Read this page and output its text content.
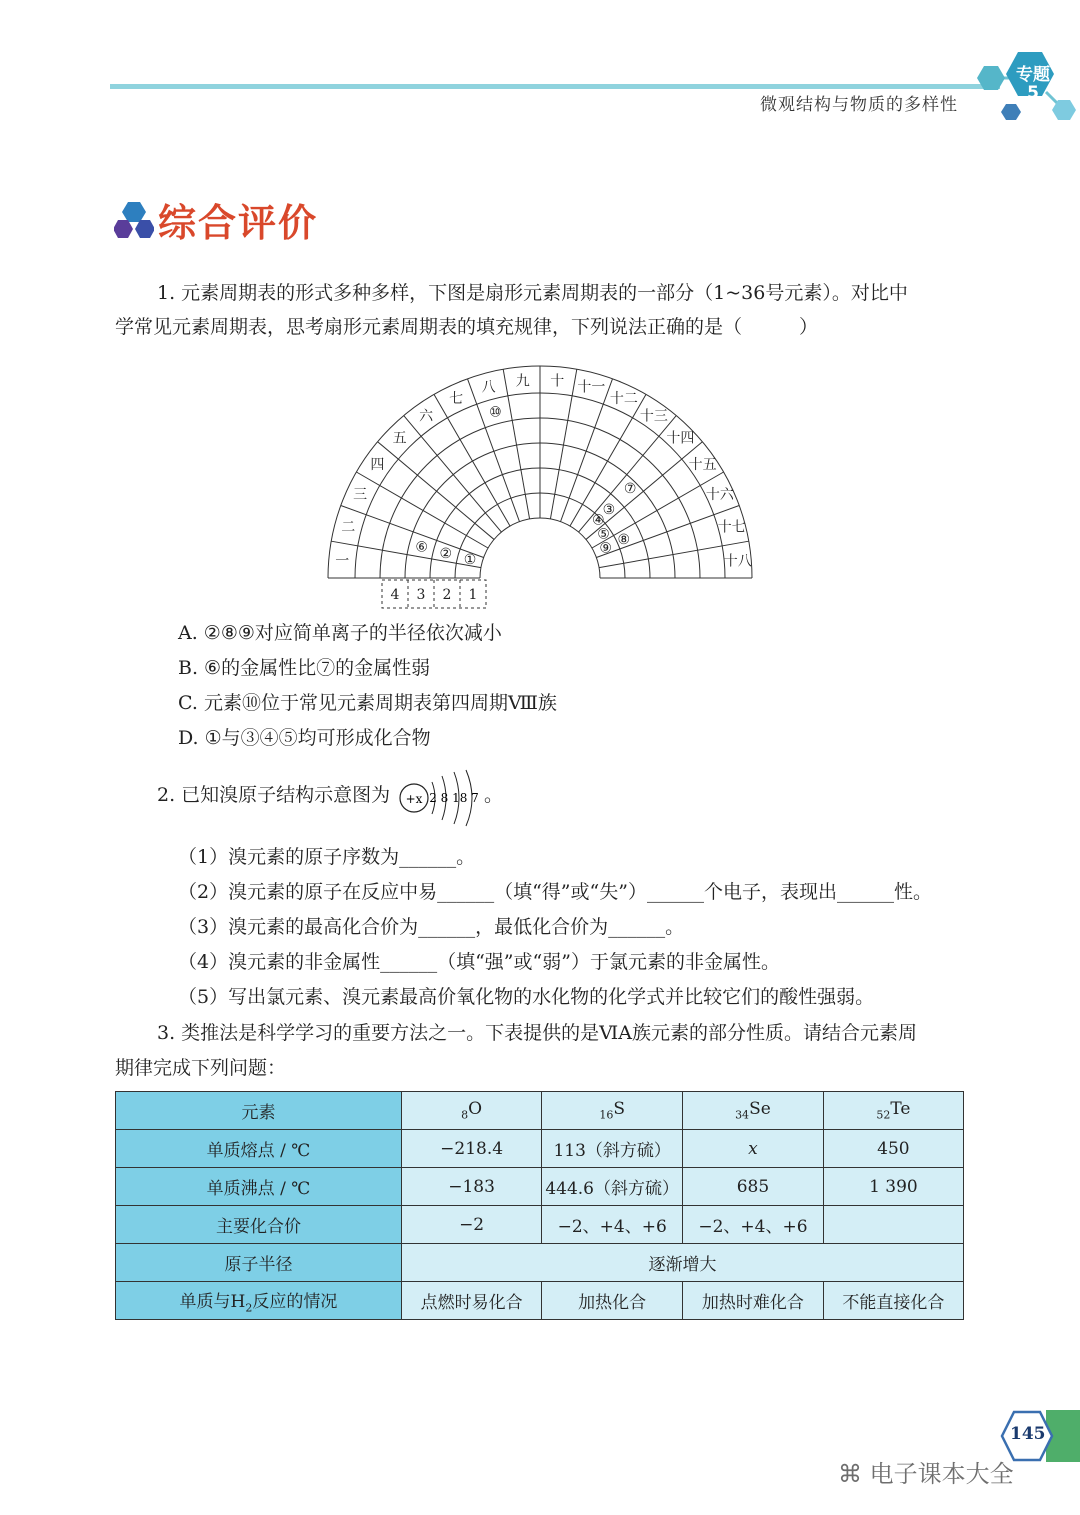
微观结构与物质的多样性
专题
5
综合评价
1. 元素周期表的形式多种多样，下图是扇形元素周期表的一部分（1~36号元素）。对比中
学常见元素周期表，思考扇形元素周期表的填充规律，下列说法正确的是（　　　）
一
二
三
四
五
六
七
八 九 十 十一
十二
十三
十四
十五
十六
十七
十八
4 3 2 1
①
②
③
④
⑤
⑥
⑦
⑧
⑨
⑩
A. ②⑧⑨对应简单离子的半径依次减小
B. ⑥的金属性比⑦的金属性弱
C. 元素⑩位于常见元素周期表第四周期Ⅷ族
D. ①与③④⑤均可形成化合物
2. 已知溴原子结构示意图为 +x 2 8 18 7 。
（1）溴元素的原子序数为______。
（2）溴元素的原子在反应中易______（填“得”或“失”）______个电子，表现出______性。
（3）溴元素的最高化合价为______，最低化合价为______。
（4）溴元素的非金属性______（填“强”或“弱”）于氯元素的非金属性。
（5）写出氯元素、溴元素最高价氧化物的水化物的化学式并比较它们的酸性强弱。
3. 类推法是科学学习的重要方法之一。下表提供的是ⅥA族元素的部分性质。请结合元素周
期律完成下列问题：
元素	$_8$O	$_{16}$S	$_{34}$Se	$_{52}$Te
单质熔点 / ℃	−218.4	113（斜方硫）	x	450
单质沸点 / ℃	−183	444.6（斜方硫）	685	1 390
主要化合价	−2	−2、+4、+6	−2、+4、+6	
原子半径	逐渐增大			
单质与$H_2$反应的情况	点燃时易化合	加热化合	加热时难化合	不能直接化合
145
⌘ 电子课本大全
